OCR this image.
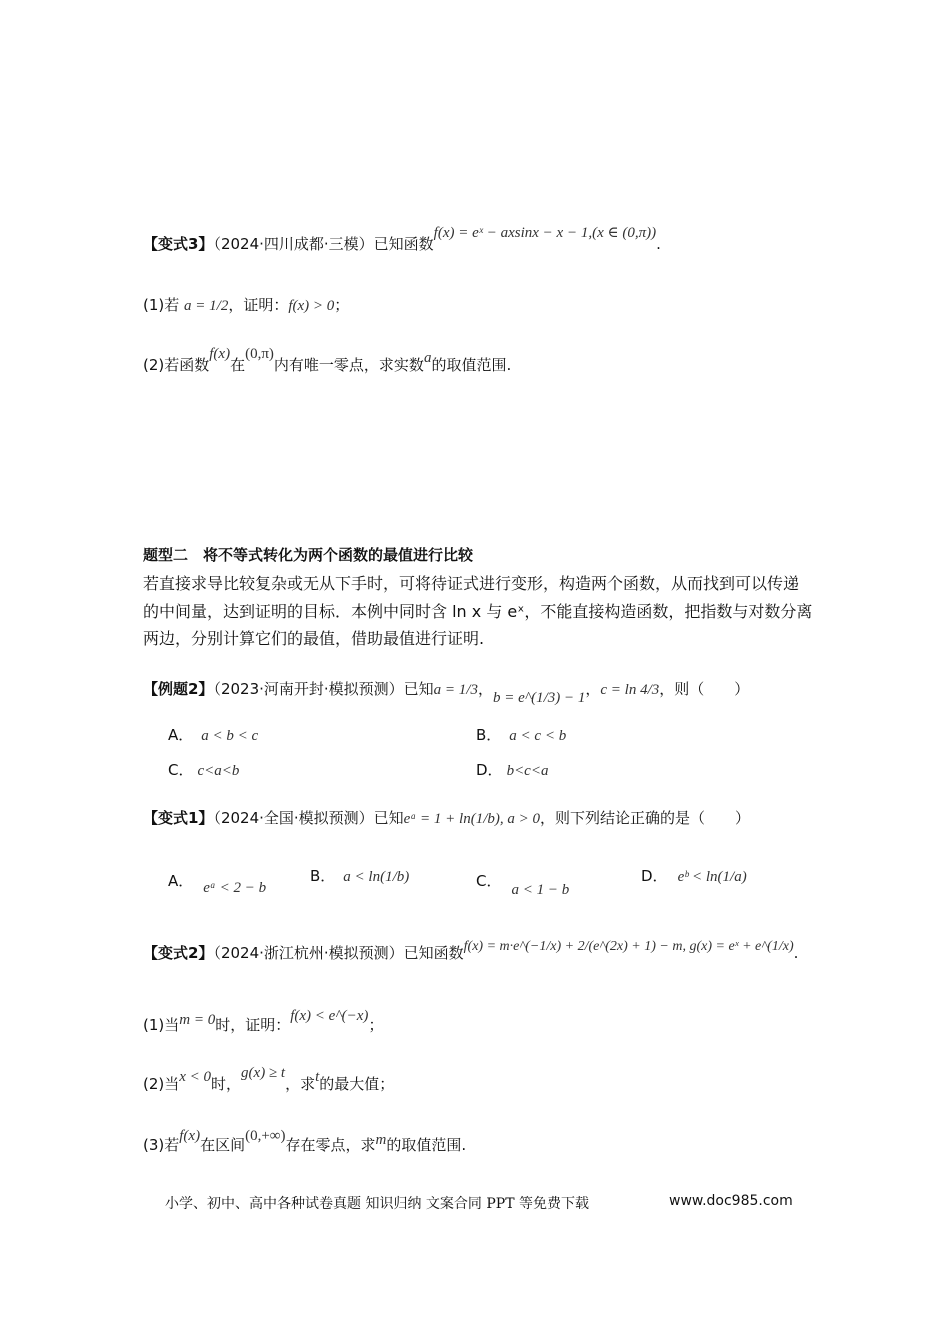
【变式3】（2024·四川成都·三模）已知函数f(x) = eˣ − axsinx − x − 1,(x ∈ (0,π)).
(1)若 a = 1/2，证明：f(x) > 0；
(2)若函数f(x)在(0,π)内有唯一零点，求实数a的取值范围.
题型二　将不等式转化为两个函数的最值进行比较
若直接求导比较复杂或无从下手时，可将待证式进行变形，构造两个函数，从而找到可以传递的中间量，达到证明的目标．本例中同时含 ln x 与 eˣ，不能直接构造函数，把指数与对数分离两边，分别计算它们的最值，借助最值进行证明.
【例题2】（2023·河南开封·模拟预测）已知a = 1/3，b = e^(1/3) − 1，c = ln 4/3，则（　　）
A． a < b < c	B． a < c < b
C． c<a<b	D． b<c<a
【变式1】（2024·全国·模拟预测）已知eᵃ = 1 + ln(1/b), a > 0，则下列结论正确的是（　　）
A． eᵃ < 2 − b
B． a < ln(1/b)	C． a < 1 − b
D． eᵇ < ln(1/a)
【变式2】（2024·浙江杭州·模拟预测）已知函数f(x) = m·e^(−1/x) + 2/(e^(2x) + 1) − m, g(x) = eˣ + e^(1/x).
(1)当m = 0时，证明：f(x) < e^(−x)；
(2)当x < 0时，g(x) ≥ t，求t的最大值；
(3)若f(x)在区间(0,+∞)存在零点，求m的取值范围.
小学、初中、高中各种试卷真题 知识归纳 文案合同 PPT 等免费下载	www.doc985.com
